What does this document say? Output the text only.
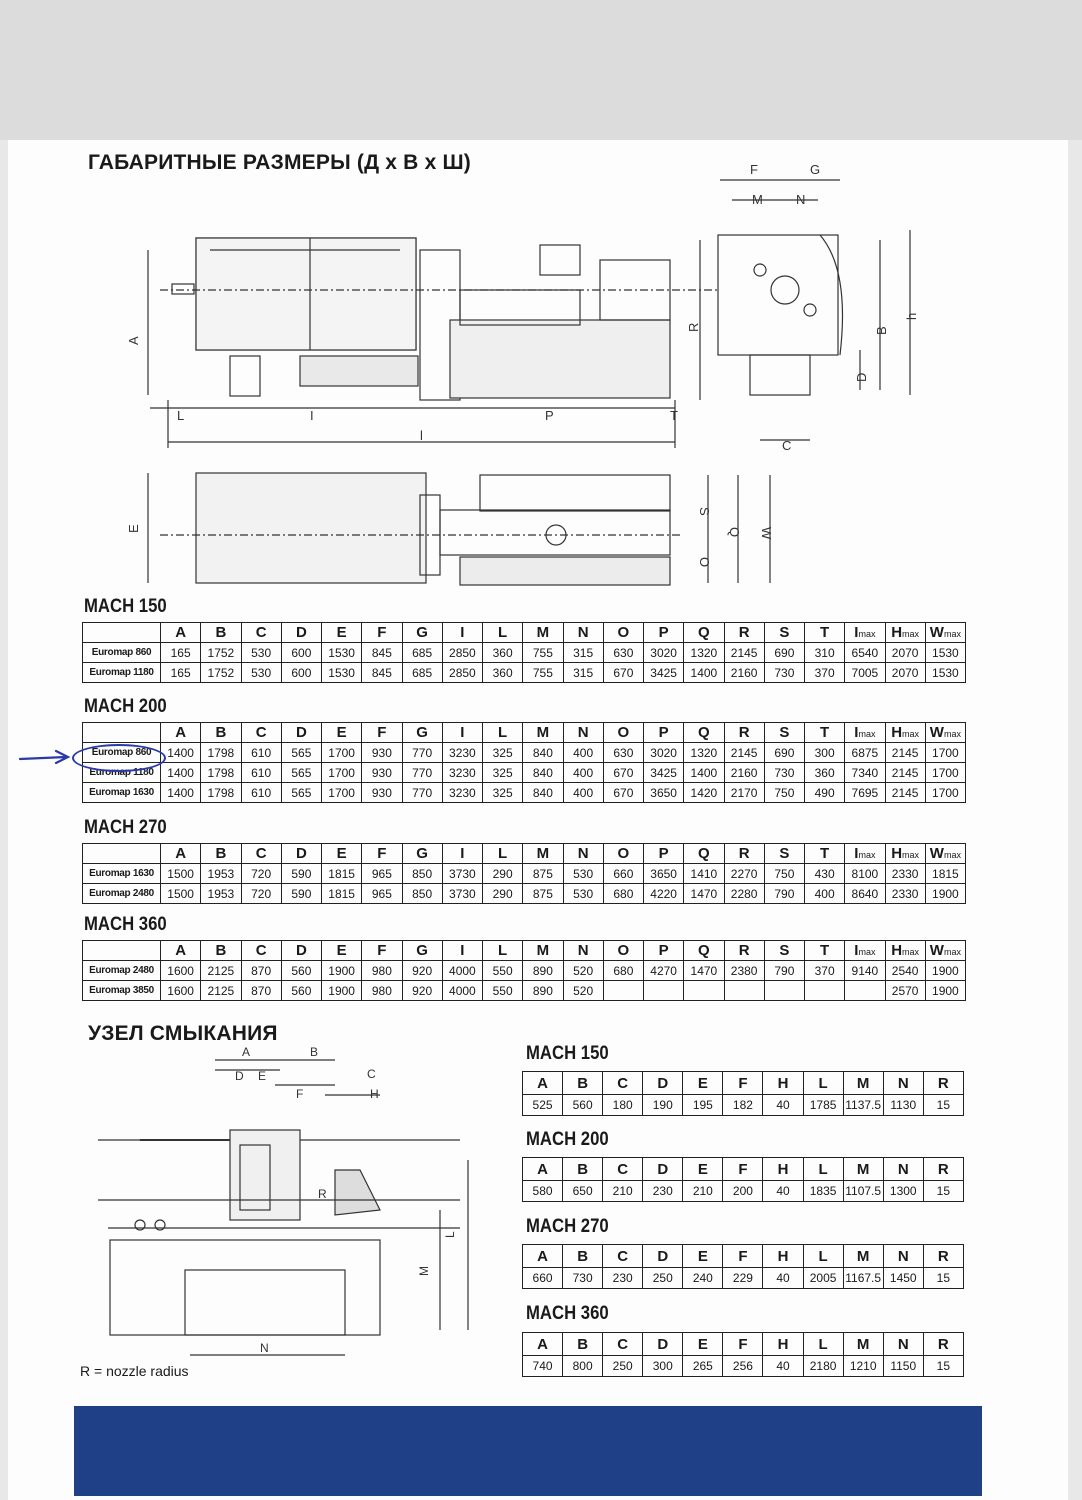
ГАБАРИТНЫЕ РАЗМЕРЫ (Д x В x Ш)
A
L	I	P	T
l
R
F	G
M	N
B
h
D
C
E
S
Q W
O
MACH 150
	A	B	C	D	E	F	G	I	L	M	N	O	P	Q	R	S	T	Imax	Hmax	Wmax
Euromap 860	165	1752	530	600	1530	845	685	2850	360	755	315	630	3020	1320	2145	690	310	6540	2070	1530
Euromap 1180	165	1752	530	600	1530	845	685	2850	360	755	315	670	3425	1400	2160	730	370	7005	2070	1530
MACH 200
	A	B	C	D	E	F	G	I	L	M	N	O	P	Q	R	S	T	Imax	Hmax	Wmax
Euromap 860	1400	1798	610	565	1700	930	770	3230	325	840	400	630	3020	1320	2145	690	300	6875	2145	1700
Euromap 1180	1400	1798	610	565	1700	930	770	3230	325	840	400	670	3425	1400	2160	730	360	7340	2145	1700
Euromap 1630	1400	1798	610	565	1700	930	770	3230	325	840	400	670	3650	1420	2170	750	490	7695	2145	1700
MACH 270
	A	B	C	D	E	F	G	I	L	M	N	O	P	Q	R	S	T	Imax	Hmax	Wmax
Euromap 1630	1500	1953	720	590	1815	965	850	3730	290	875	530	660	3650	1410	2270	750	430	8100	2330	1815
Euromap 2480	1500	1953	720	590	1815	965	850	3730	290	875	530	680	4220	1470	2280	790	400	8640	2330	1900
MACH 360
	A	B	C	D	E	F	G	I	L	M	N	O	P	Q	R	S	T	Imax	Hmax	Wmax
Euromap 2480	1600	2125	870	560	1900	980	920	4000	550	890	520	680	4270	1470	2380	790	370	9140	2540	1900
Euromap 3850	1600	2125	870	560	1900	980	920	4000	550	890	520								2570	1900
УЗЕЛ СМЫКАНИЯ
A	B
D E	C
F	H
R
L
M
N
R = nozzle radius
MACH 150
A	B	C	D	E	F	H	L	M	N	R
525	560	180	190	195	182	40	1785	1137.5	1130	15
MACH 200
A	B	C	D	E	F	H	L	M	N	R
580	650	210	230	210	200	40	1835	1107.5	1300	15
MACH 270
A	B	C	D	E	F	H	L	M	N	R
660	730	230	250	240	229	40	2005	1167.5	1450	15
MACH 360
A	B	C	D	E	F	H	L	M	N	R
740	800	250	300	265	256	40	2180	1210	1150	15
